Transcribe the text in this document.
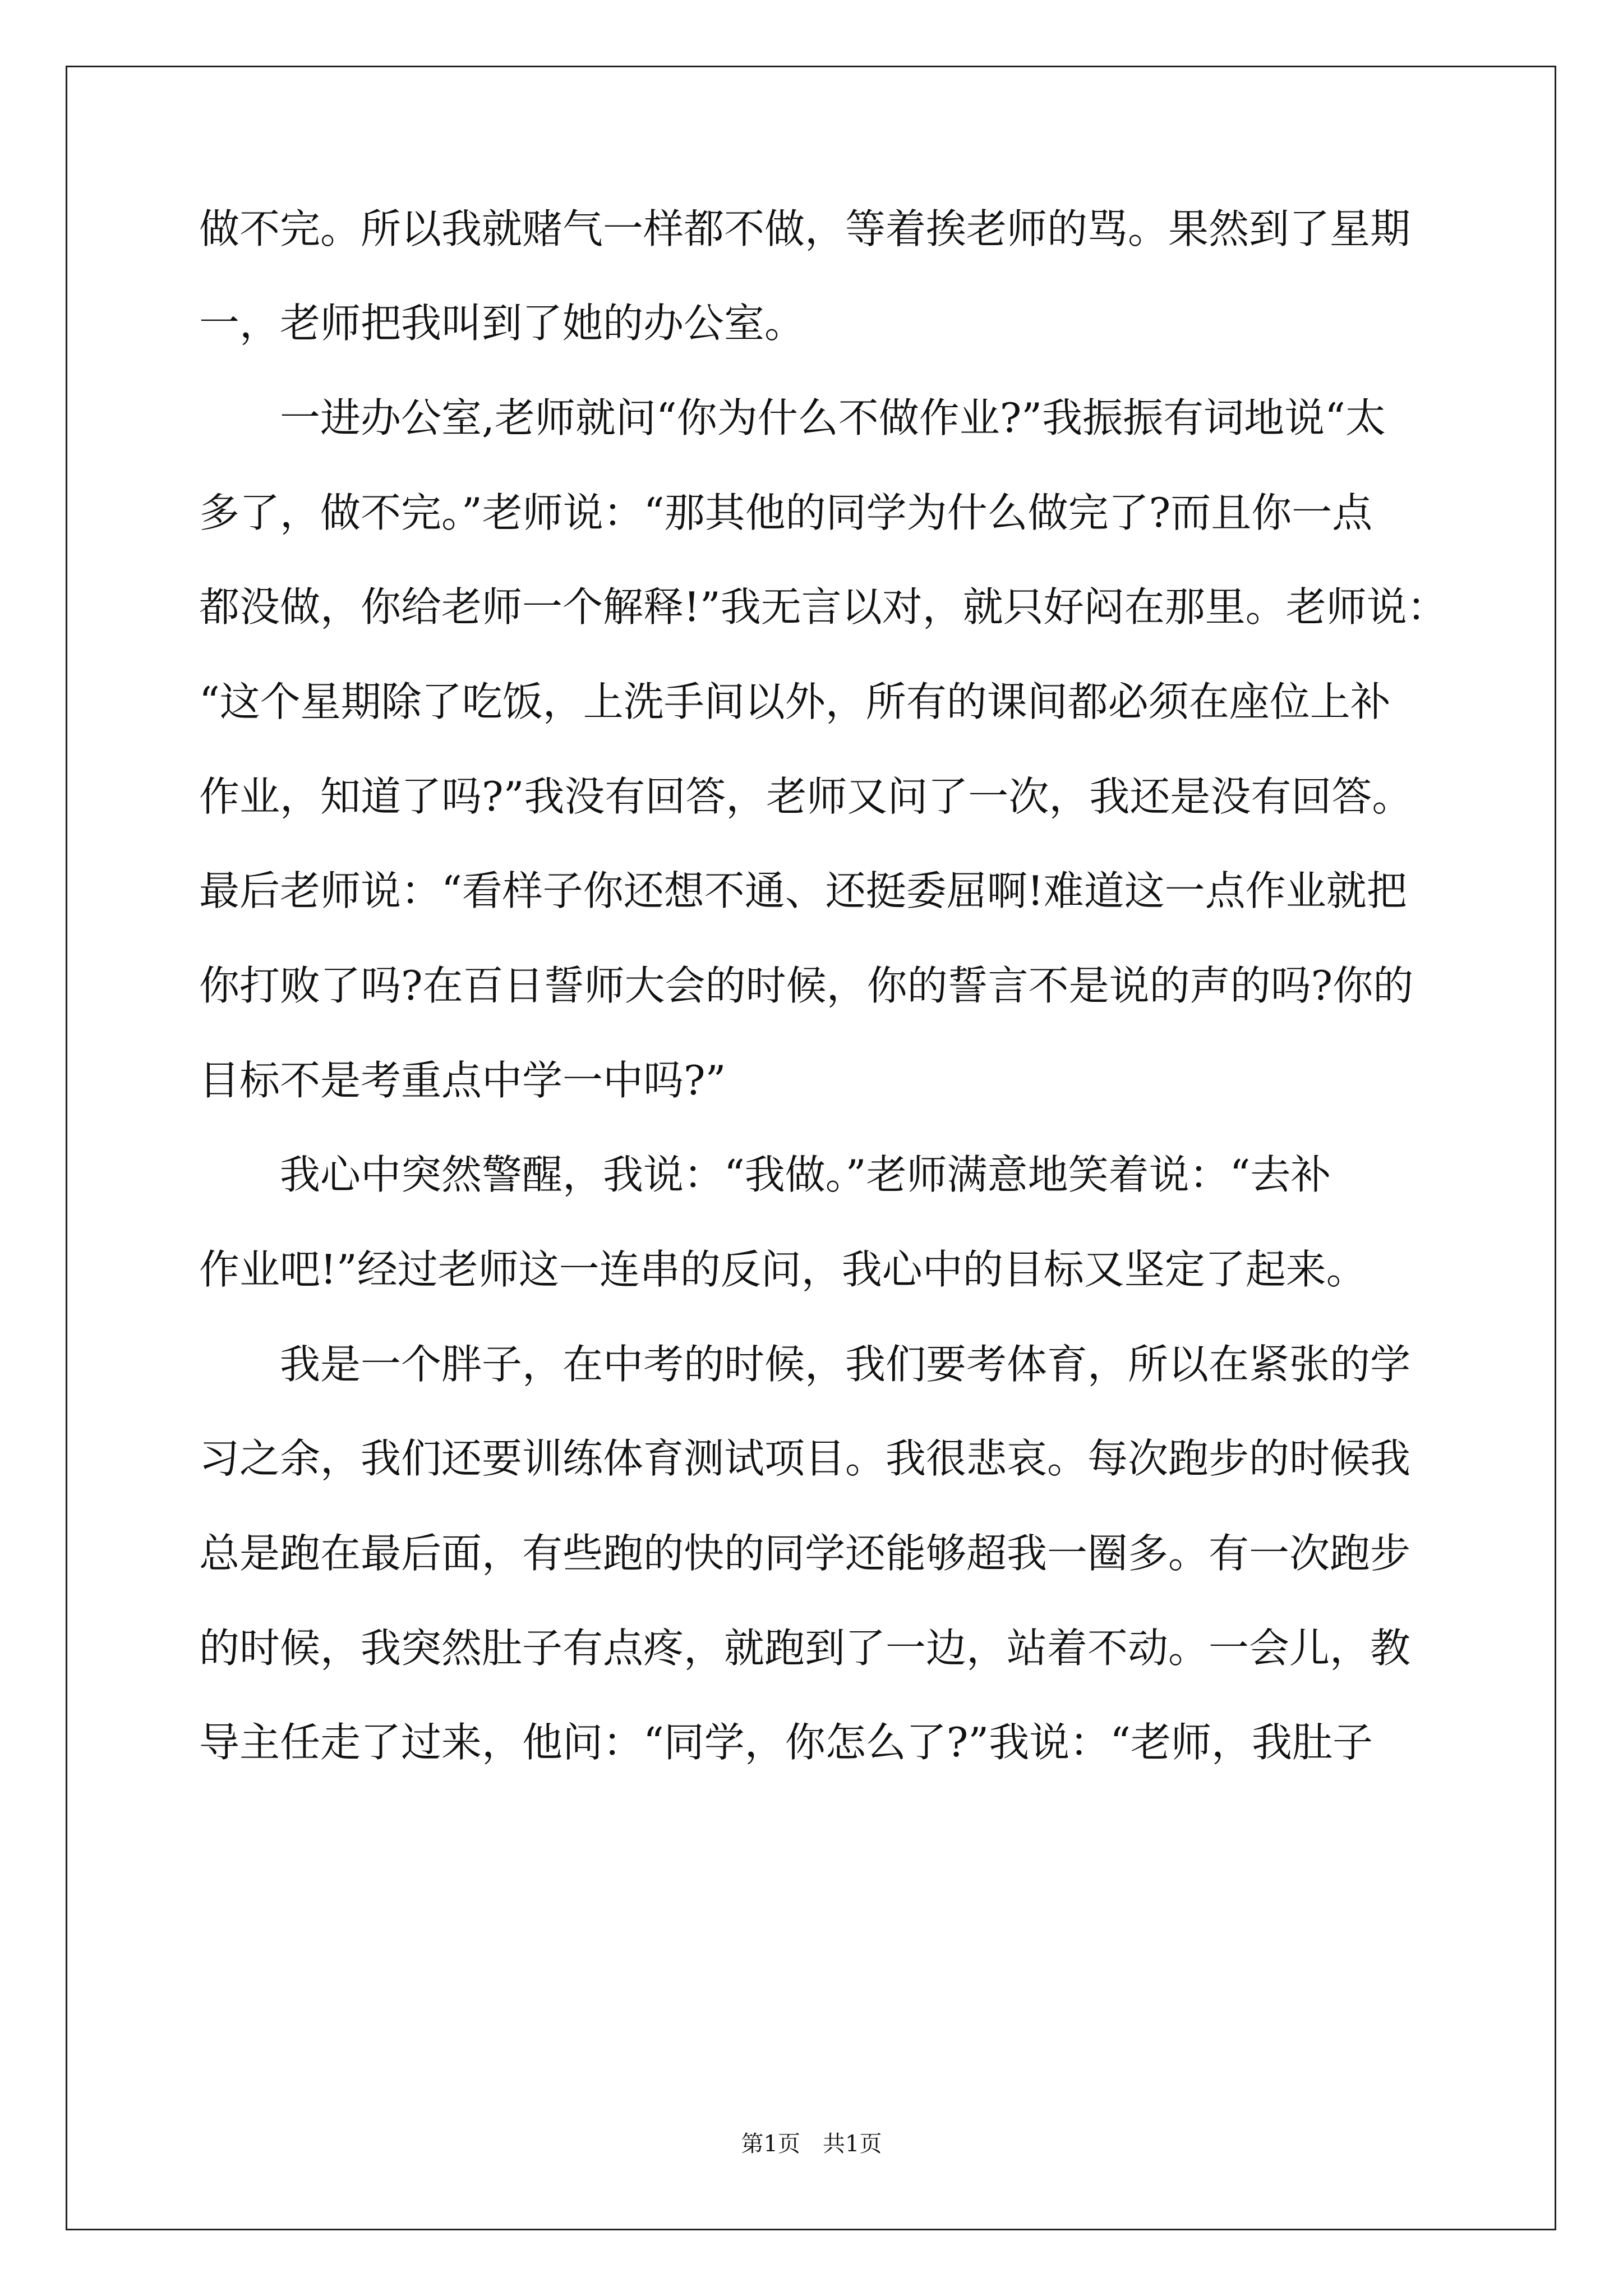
做不完。所以我就赌气一样都不做，等着挨老师的骂。果然到了星期
一，老师把我叫到了她的办公室。
　　一进办公室,老师就问“你为什么不做作业?”我振振有词地说“太
多了，做不完。”老师说：“那其他的同学为什么做完了?而且你一点
都没做，你给老师一个解释!”我无言以对，就只好闷在那里。老师说：
“这个星期除了吃饭，上洗手间以外，所有的课间都必须在座位上补
作业，知道了吗?”我没有回答，老师又问了一次，我还是没有回答。
最后老师说：“看样子你还想不通、还挺委屈啊!难道这一点作业就把
你打败了吗?在百日誓师大会的时候，你的誓言不是说的声的吗?你的
目标不是考重点中学一中吗?”
　　我心中突然警醒，我说：“我做。”老师满意地笑着说：“去补
作业吧!”经过老师这一连串的反问，我心中的目标又坚定了起来。
　　我是一个胖子，在中考的时候，我们要考体育，所以在紧张的学
习之余，我们还要训练体育测试项目。我很悲哀。每次跑步的时候我
总是跑在最后面，有些跑的快的同学还能够超我一圈多。有一次跑步
的时候，我突然肚子有点疼，就跑到了一边，站着不动。一会儿，教
导主任走了过来，他问：“同学，你怎么了?”我说：“老师，我肚子
第1页　共1页
